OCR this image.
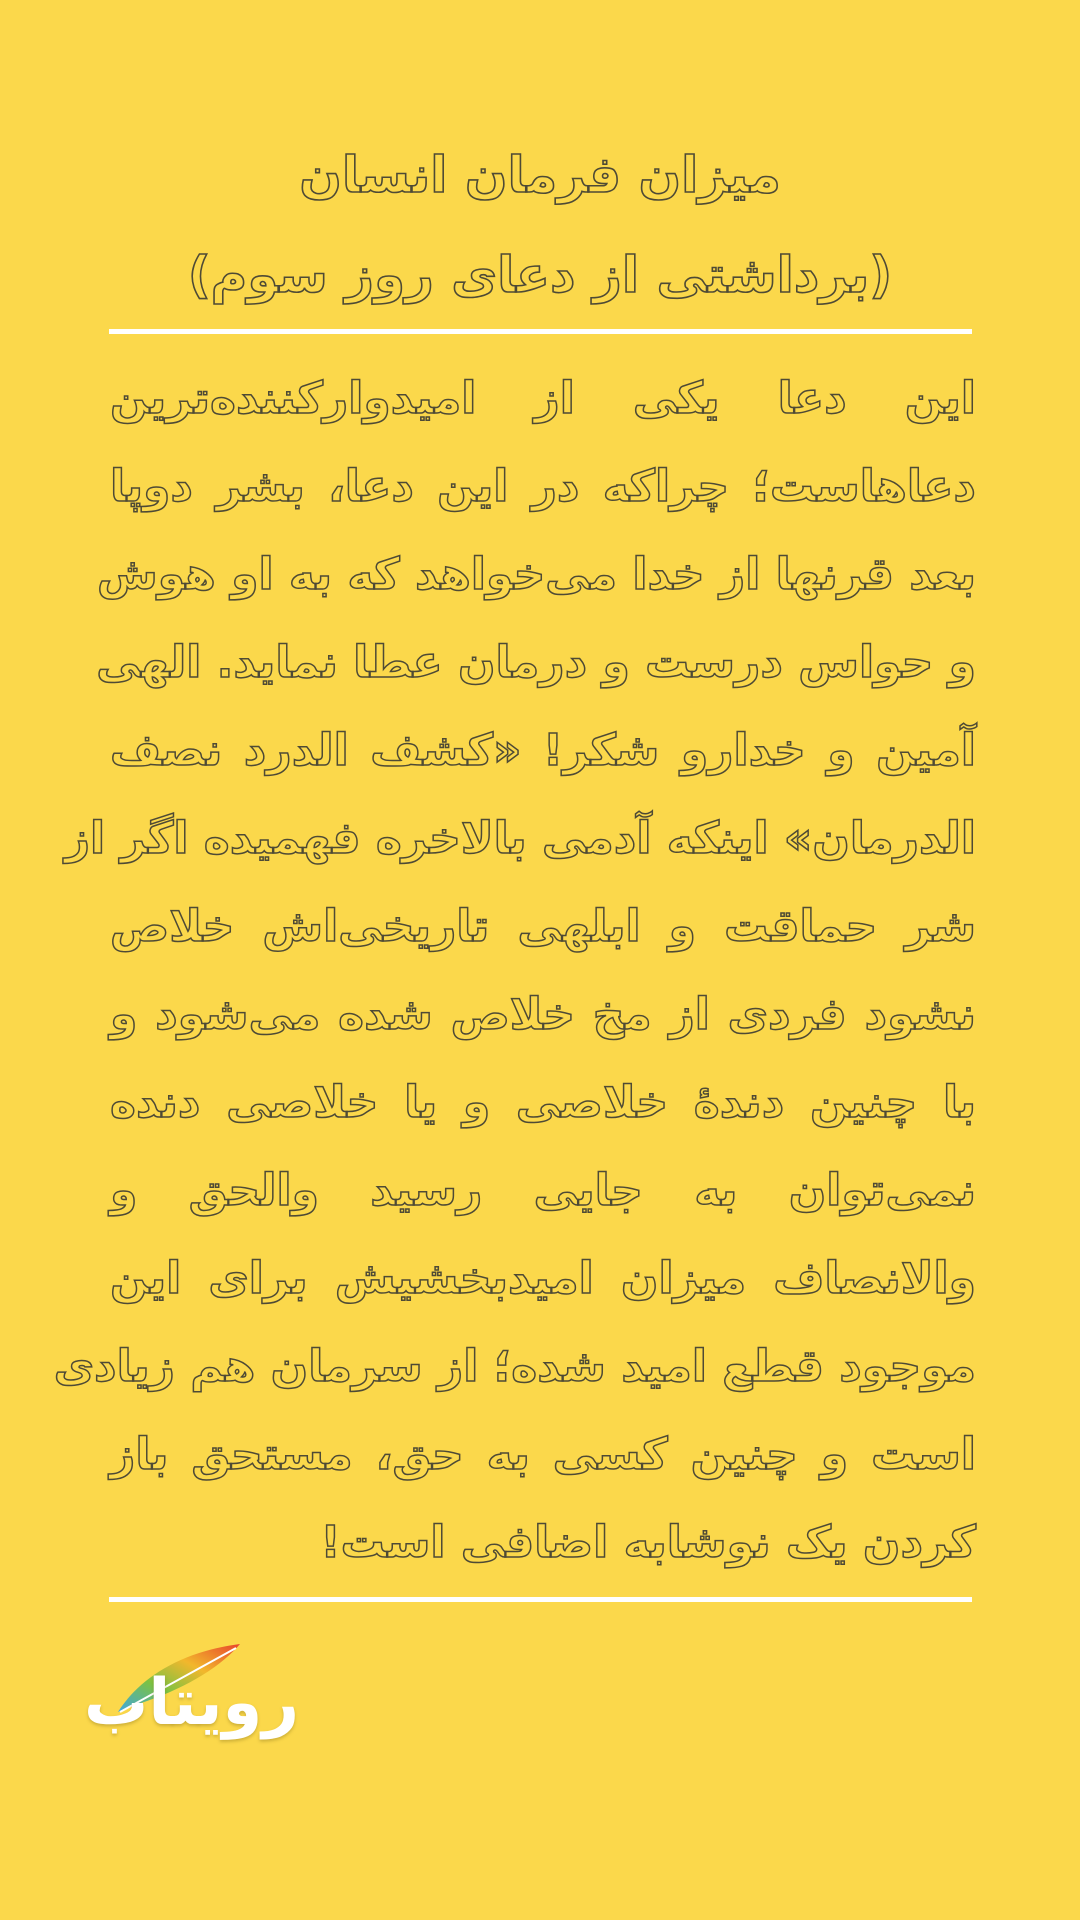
میزان فرمان انسان
(برداشتی از دعای روز سوم)
این دعا یکی از امیدوارکننده‌ترین
دعاهاست؛ چراکه در این دعا، بشر دوپا
بعد قرنها از خدا می‌خواهد که به او هوش
و حواس درست و درمان عطا نماید. الهی
آمین و خدارو شکر! «کشف الدرد نصف
الدرمان» اینکه آدمی بالاخره فهمیده اگر از
شر حماقت و ابلهی تاریخی‌اش خلاص
نشود فردی از مخ خلاص شده می‌شود و
با چنین دندهٔ خلاصی و یا خلاصی دنده
نمی‌توان به جایی رسید والحق و
والانصاف میزان امیدبخشیش برای این
موجود قطع امید شده؛ از سرمان هم زیادی
است و چنین کسی به حق، مستحق باز
کردن یک نوشابه اضافی است!
رویتاب
